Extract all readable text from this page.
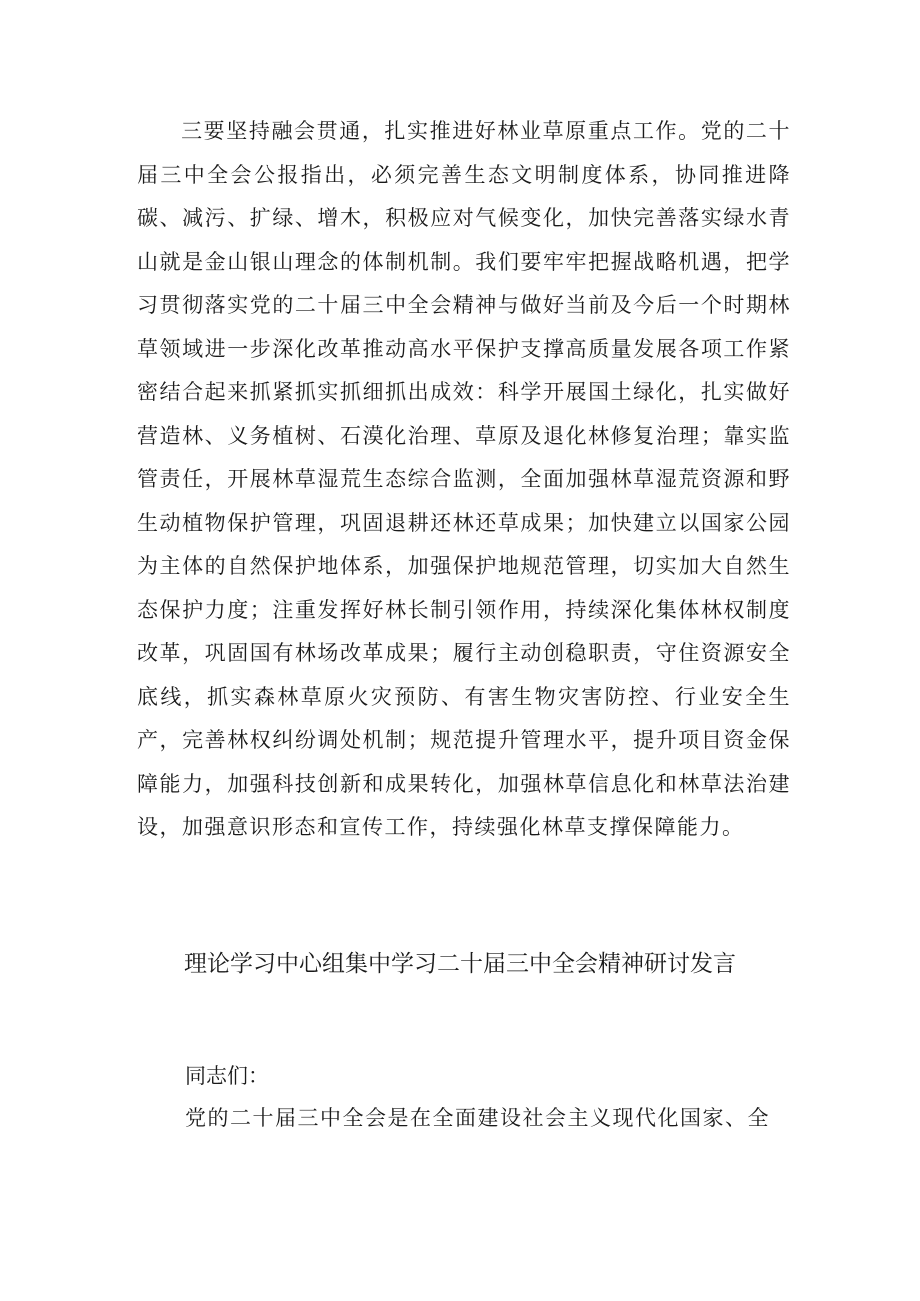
三要坚持融会贯通，扎实推进好林业草原重点工作。党的二十届三中全会公报指出，必须完善生态文明制度体系，协同推进降碳、减污、扩绿、增木，积极应对气候变化，加快完善落实绿水青山就是金山银山理念的体制机制。我们要牢牢把握战略机遇，把学习贯彻落实党的二十届三中全会精神与做好当前及今后一个时期林草领域进一步深化改革推动高水平保护支撑高质量发展各项工作紧密结合起来抓紧抓实抓细抓出成效：科学开展国土绿化，扎实做好营造林、义务植树、石漠化治理、草原及退化林修复治理；靠实监管责任，开展林草湿荒生态综合监测，全面加强林草湿荒资源和野生动植物保护管理，巩固退耕还林还草成果；加快建立以国家公园为主体的自然保护地体系，加强保护地规范管理，切实加大自然生态保护力度；注重发挥好林长制引领作用，持续深化集体林权制度改革，巩固国有林场改革成果；履行主动创稳职责，守住资源安全底线，抓实森林草原火灾预防、有害生物灾害防控、行业安全生产，完善林权纠纷调处机制；规范提升管理水平，提升项目资金保障能力，加强科技创新和成果转化，加强林草信息化和林草法治建设，加强意识形态和宣传工作，持续强化林草支撑保障能力。

理论学习中心组集中学习二十届三中全会精神研讨发言

同志们：

党的二十届三中全会是在全面建设社会主义现代化国家、全
